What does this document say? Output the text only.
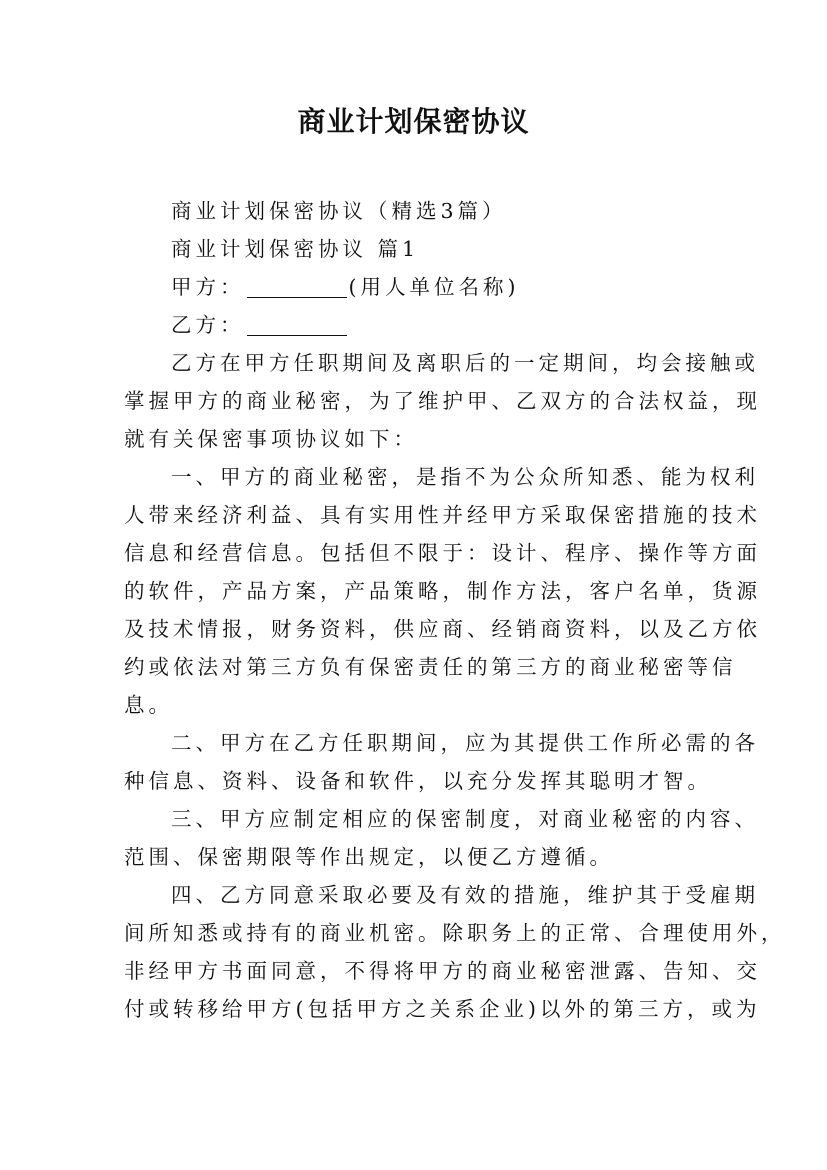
商业计划保密协议
商业计划保密协议（精选3篇）
商业计划保密协议 篇1
甲方：	(用人单位名称)
乙方：
乙方在甲方任职期间及离职后的一定期间，均会接触或
掌握甲方的商业秘密，为了维护甲、乙双方的合法权益，现
就有关保密事项协议如下：
一、甲方的商业秘密，是指不为公众所知悉、能为权利
人带来经济利益、具有实用性并经甲方采取保密措施的技术
信息和经营信息。包括但不限于：设计、程序、操作等方面
的软件，产品方案，产品策略，制作方法，客户名单，货源
及技术情报，财务资料，供应商、经销商资料，以及乙方依
约或依法对第三方负有保密责任的第三方的商业秘密等信
息。
二、甲方在乙方任职期间，应为其提供工作所必需的各
种信息、资料、设备和软件，以充分发挥其聪明才智。
三、甲方应制定相应的保密制度，对商业秘密的内容、
范围、保密期限等作出规定，以便乙方遵循。
四、乙方同意采取必要及有效的措施，维护其于受雇期
间所知悉或持有的商业机密。除职务上的正常、合理使用外，
非经甲方书面同意，不得将甲方的商业秘密泄露、告知、交
付或转移给甲方(包括甲方之关系企业)以外的第三方，或为
